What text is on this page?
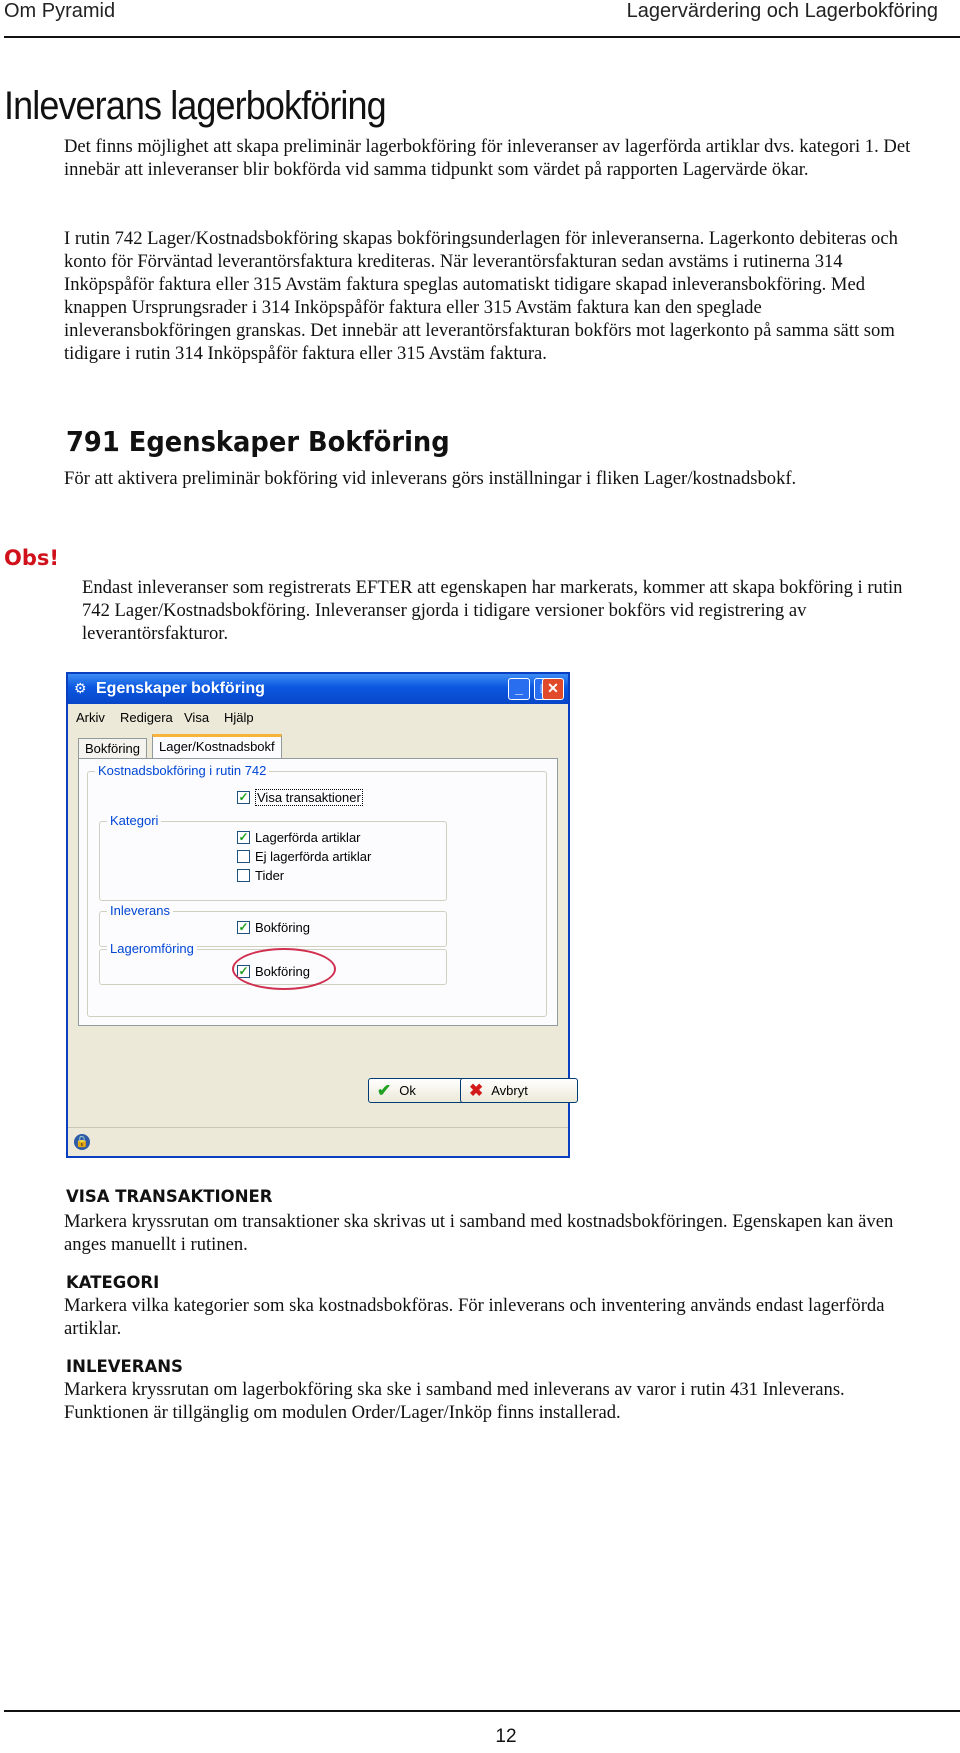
Om Pyramid	Lagervärdering och Lagerbokföring
Inleverans lagerbokföring

Det finns möjlighet att skapa preliminär lagerbokföring för inleveranser av lagerförda artiklar dvs. kategori 1. Det innebär att inleveranser blir bokförda vid samma tidpunkt som värdet på rapporten Lagervärde ökar.

I rutin 742 Lager/Kostnadsbokföring skapas bokföringsunderlagen för inleveranserna. Lagerkonto debiteras och konto för Förväntad leverantörsfaktura krediteras. När leverantörsfakturan sedan avstäms i rutinerna 314 Inköpspåför faktura eller 315 Avstäm faktura speglas automatiskt tidigare skapad inleveransbokföring. Med knappen Ursprungsrader i 314 Inköpspåför faktura eller 315 Avstäm faktura kan den speglade inleveransbokföringen granskas. Det innebär att leverantörsfakturan bokförs mot lagerkonto på samma sätt som tidigare i rutin 314 Inköpspåför faktura eller 315 Avstäm faktura.

791 Egenskaper Bokföring

För att aktivera preliminär bokföring vid inleverans görs inställningar i fliken Lager/kostnadsbokf.

Obs!

Endast inleveranser som registrerats EFTER att egenskapen har markerats, kommer att skapa bokföring i rutin 742 Lager/Kostnadsbokföring. Inleveranser gjorda i tidigare versioner bokförs vid registrering av leverantörsfakturor.

⚙ Egenskaper bokföring	_	✕
Arkiv Redigera Visa Hjälp
Bokföring	Lager/Kostnadsbokf
Kostnadsbokföring i rutin 742
✓ Visa transaktioner
Kategori
✓ Lagerförda artiklar
Ej lagerförda artiklar
Tider
Inleverans
✓ Bokföring
Lageromföring
✓ Bokföring
✔ Ok	✖ Avbryt
🔒
VISA TRANSAKTIONER

Markera kryssrutan om transaktioner ska skrivas ut i samband med kostnadsbokföringen. Egenskapen kan även anges manuellt i rutinen.

KATEGORI

Markera vilka kategorier som ska kostnadsbokföras. För inleverans och inventering används endast lagerförda artiklar.

INLEVERANS

Markera kryssrutan om lagerbokföring ska ske i samband med inleverans av varor i rutin 431 Inleverans. Funktionen är tillgänglig om modulen Order/Lager/Inköp finns installerad.

12
